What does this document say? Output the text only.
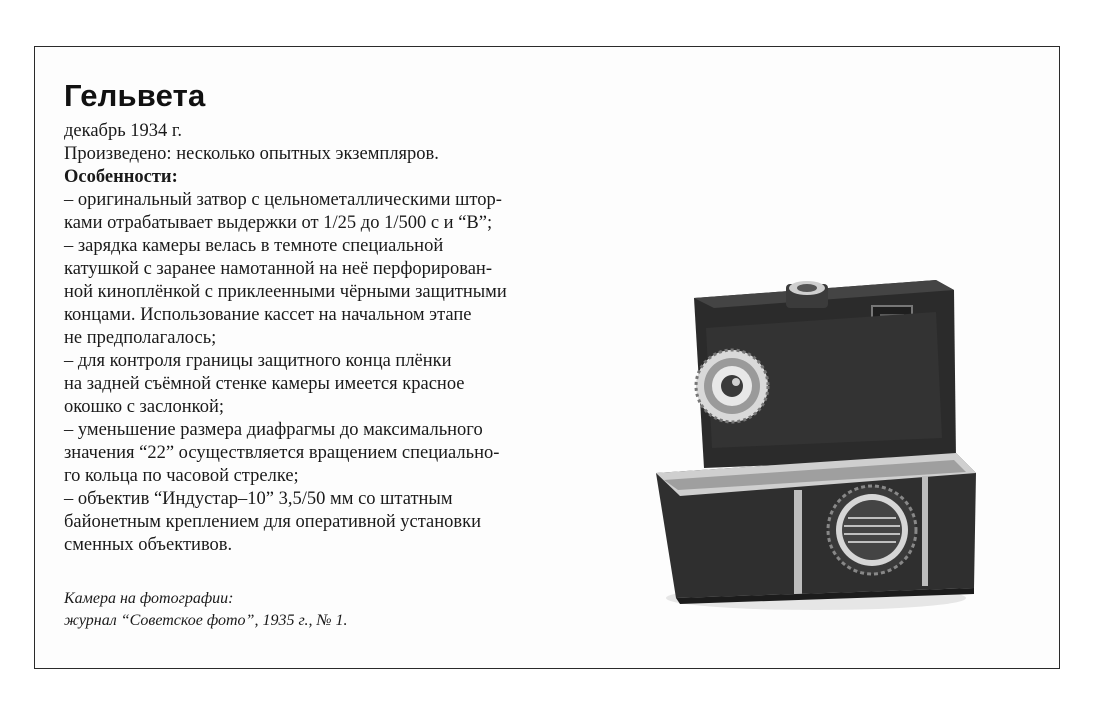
Гельвета
декабрь 1934 г.
Произведено: несколько опытных экземпляров.
Особенности:
– оригинальный затвор с цельнометаллическими штор-
ками отрабатывает выдержки от 1/25 до 1/500 с и “B”;
– зарядка камеры велась в темноте специальной
катушкой с заранее намотанной на неё перфорирован-
ной киноплёнкой с приклеенными чёрными защитными
концами. Использование кассет на начальном этапе
не предполагалось;
– для контроля границы защитного конца плёнки
на задней съёмной стенке камеры имеется красное
окошко с заслонкой;
– уменьшение размера диафрагмы до максимального
значения “22” осуществляется вращением специально-
го кольца по часовой стрелке;
– объектив “Индустар–10” 3,5/50 мм со штатным
байонетным креплением для оперативной установки
сменных объективов.
Камера на фотографии:
журнал “Советское фото”, 1935 г., № 1.
